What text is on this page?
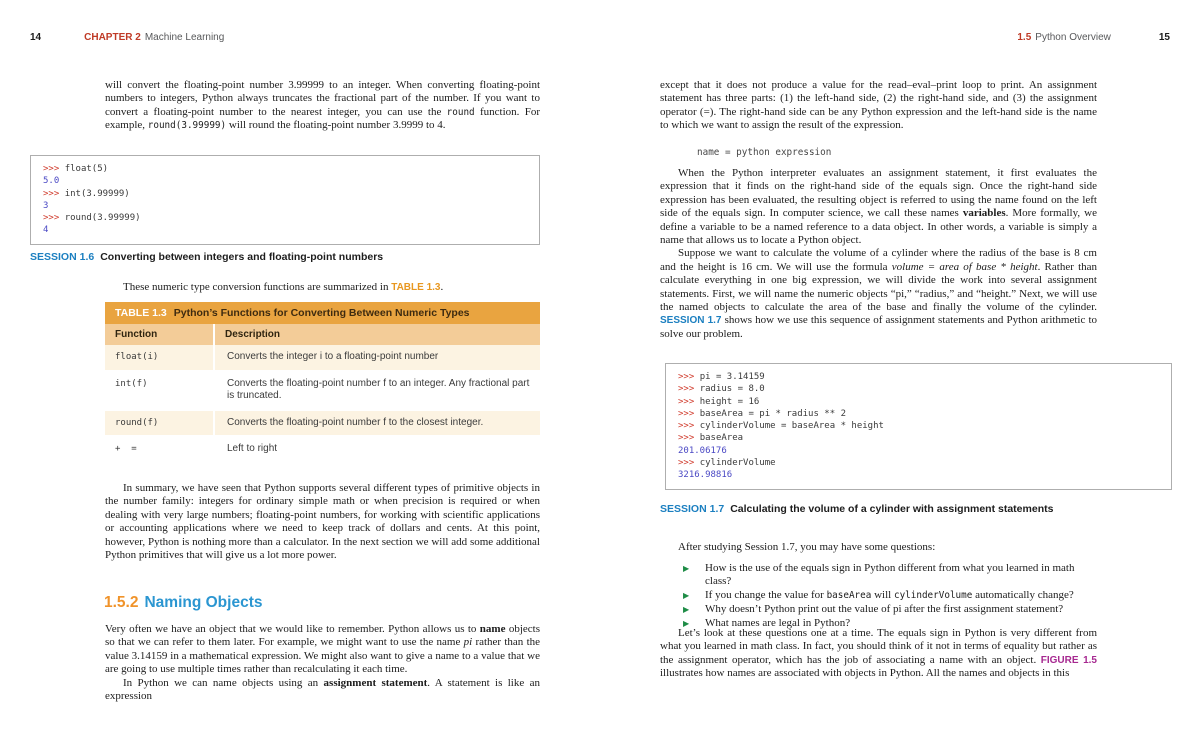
14	CHAPTER 2 Machine Learning
will convert the floating-point number 3.99999 to an integer. When converting floating-point numbers to integers, Python always truncates the fractional part of the number. If you want to convert a floating-point number to the nearest integer, you can use the round function. For example, round(3.99999) will round the floating-point number 3.9999 to 4.
>>> float(5)
5.0
>>> int(3.99999)
3
>>> round(3.99999)
4
SESSION 1.6 Converting between integers and floating-point numbers
These numeric type conversion functions are summarized in TABLE 1.3.
TABLE 1.3 Python’s Functions for Converting Between Numeric Types
Function	Description
float(i)	Converts the integer i to a floating-point number
int(f)	Converts the floating-point number f to an integer. Any fractional part is truncated.
round(f)	Converts the floating-point number f to the closest integer.
+  =	Left to right
In summary, we have seen that Python supports several different types of primitive objects in the number family: integers for ordinary simple math or when precision is required or when dealing with very large numbers; floating-point numbers, for working with scientific applications or accounting applications where we need to keep track of dollars and cents. At this point, however, Python is nothing more than a calculator. In the next section we will add some additional Python primitives that will give us a lot more power.
1.5.2 Naming Objects
Very often we have an object that we would like to remember. Python allows us to name objects so that we can refer to them later. For example, we might want to use the name pi rather than the value 3.14159 in a mathematical expression. We might also want to give a name to a value that we are going to use multiple times rather than recalculating it each time.
In Python we can name objects using an assignment statement. A statement is like an expression
1.5 Python Overview	15
except that it does not produce a value for the read–eval–print loop to print. An assignment statement has three parts: (1) the left-hand side, (2) the right-hand side, and (3) the assignment operator (=). The right-hand side can be any Python expression and the left-hand side is the name to which we want to assign the result of the expression.
name = python expression
When the Python interpreter evaluates an assignment statement, it first evaluates the expression that it finds on the right-hand side of the equals sign. Once the right-hand side expression has been evaluated, the resulting object is referred to using the name found on the left side of the equals sign. In computer science, we call these names variables. More formally, we define a variable to be a named reference to a data object. In other words, a variable is simply a name that allows us to locate a Python object.
Suppose we want to calculate the volume of a cylinder where the radius of the base is 8 cm and the height is 16 cm. We will use the formula volume = area of base * height. Rather than calculate everything in one big expression, we will divide the work into several assignment statements. First, we will name the numeric objects “pi,” “radius,” and “height.” Next, we will use the named objects to calculate the area of the base and finally the volume of the cylinder. SESSION 1.7 shows how we use this sequence of assignment statements and Python arithmetic to solve our problem.
>>> pi = 3.14159
>>> radius = 8.0
>>> height = 16
>>> baseArea = pi * radius ** 2
>>> cylinderVolume = baseArea * height
>>> baseArea
201.06176
>>> cylinderVolume
3216.98816
SESSION 1.7 Calculating the volume of a cylinder with assignment statements
After studying Session 1.7, you may have some questions:
▶	How is the use of the equals sign in Python different from what you learned in math class?
▶	If you change the value for baseArea will cylinderVolume automatically change?
▶	Why doesn’t Python print out the value of pi after the first assignment statement?
▶	What names are legal in Python?
Let’s look at these questions one at a time. The equals sign in Python is very different from what you learned in math class. In fact, you should think of it not in terms of equality but rather as the assignment operator, which has the job of associating a name with an object. FIGURE 1.5 illustrates how names are associated with objects in Python. All the names and objects in this
